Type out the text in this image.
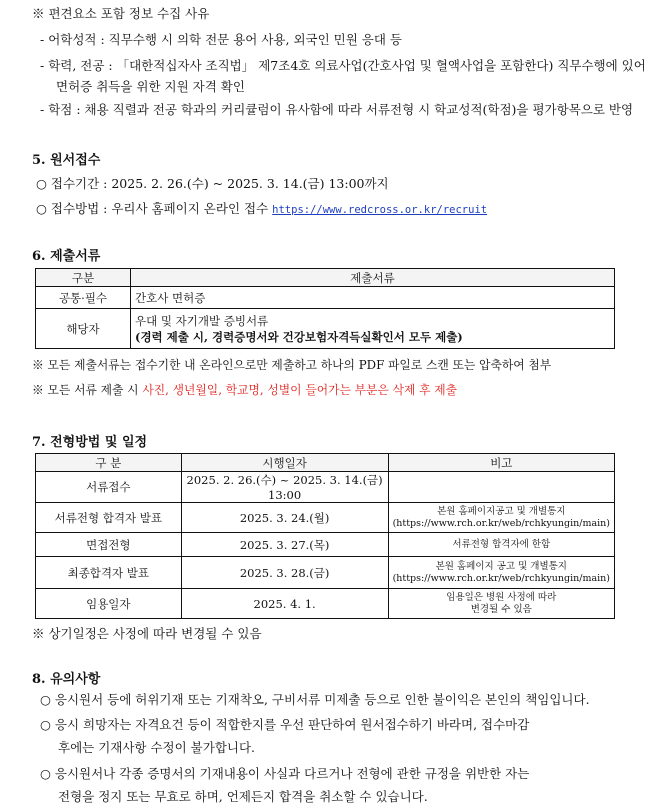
※ 편견요소 포함 정보 수집 사유
- 어학성적 : 직무수행 시 의학 전문 용어 사용, 외국인 민원 응대 등
- 학력, 전공 : 「대한적십자사 조직법」 제7조4호 의료사업(간호사업 및 혈액사업을 포함한다) 직무수행에 있어
면허증 취득을 위한 지원 자격 확인
- 학점 : 채용 직렬과 전공 학과의 커리큘럼이 유사함에 따라 서류전형 시 학교성적(학점)을 평가항목으로 반영
5. 원서접수
○ 접수기간 : 2025. 2. 26.(수) ~ 2025. 3. 14.(금) 13:00까지
○ 접수방법 : 우리사 홈페이지 온라인 접수 https://www.redcross.or.kr/recruit
6. 제출서류
구분	제출서류
공통·필수	간호사 면허증
해당자	우대 및 자기개발 증빙서류
(경력 제출 시, 경력증명서와 건강보험자격득실확인서 모두 제출)
※ 모든 제출서류는 접수기한 내 온라인으로만 제출하고 하나의 PDF 파일로 스캔 또는 압축하여 첨부
※ 모든 서류 제출 시 사진, 생년월일, 학교명, 성별이 들어가는 부분은 삭제 후 제출
7. 전형방법 및 일정
구 분	시행일자	비고
서류접수	2025. 2. 26.(수) ~ 2025. 3. 14.(금) 13:00	
서류전형 합격자 발표	2025. 3. 24.(월)	본원 홈페이지공고 및 개별통지
(https://www.rch.or.kr/web/rchkyungin/main)

면접전형	2025. 3. 27.(목)	서류전형 합격자에 한함
최종합격자 발표	2025. 3. 28.(금)	본원 홈페이지 공고 및 개별통지
(https://www.rch.or.kr/web/rchkyungin/main)

임용일자	2025. 4. 1.	임용일은 병원 사정에 따라
변경될 수 있음
※ 상기일정은 사정에 따라 변경될 수 있음
8. 유의사항
○ 응시원서 등에 허위기재 또는 기재착오, 구비서류 미제출 등으로 인한 불이익은 본인의 책임입니다.
○ 응시 희망자는 자격요건 등이 적합한지를 우선 판단하여 원서접수하기 바라며, 접수마감
후에는 기재사항 수정이 불가합니다.
○ 응시원서나 각종 증명서의 기재내용이 사실과 다르거나 전형에 관한 규정을 위반한 자는
전형을 정지 또는 무효로 하며, 언제든지 합격을 취소할 수 있습니다.
